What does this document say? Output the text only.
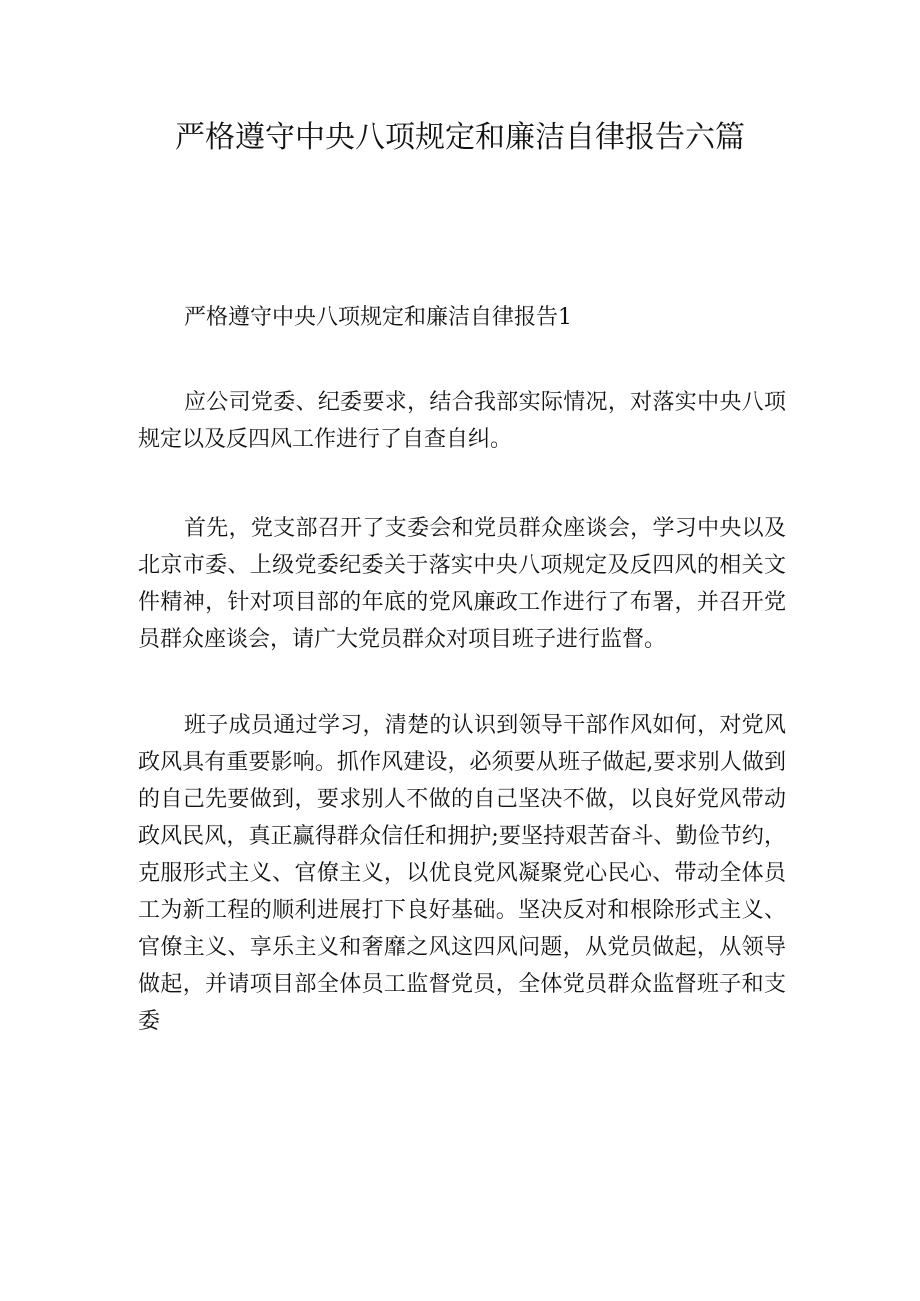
严格遵守中央八项规定和廉洁自律报告六篇

严格遵守中央八项规定和廉洁自律报告1

应公司党委、纪委要求，结合我部实际情况，对落实中央八项规定以及反四风工作进行了自查自纠。

首先，党支部召开了支委会和党员群众座谈会，学习中央以及北京市委、上级党委纪委关于落实中央八项规定及反四风的相关文件精神，针对项目部的年底的党风廉政工作进行了布署，并召开党员群众座谈会，请广大党员群众对项目班子进行监督。

班子成员通过学习，清楚的认识到领导干部作风如何，对党风政风具有重要影响。抓作风建设，必须要从班子做起,要求别人做到的自己先要做到，要求别人不做的自己坚决不做，以良好党风带动政风民风，真正赢得群众信任和拥护;要坚持艰苦奋斗、勤俭节约，克服形式主义、官僚主义，以优良党风凝聚党心民心、带动全体员工为新工程的顺利进展打下良好基础。坚决反对和根除形式主义、官僚主义、享乐主义和奢靡之风这四风问题，从党员做起，从领导做起，并请项目部全体员工监督党员，全体党员群众监督班子和支委
